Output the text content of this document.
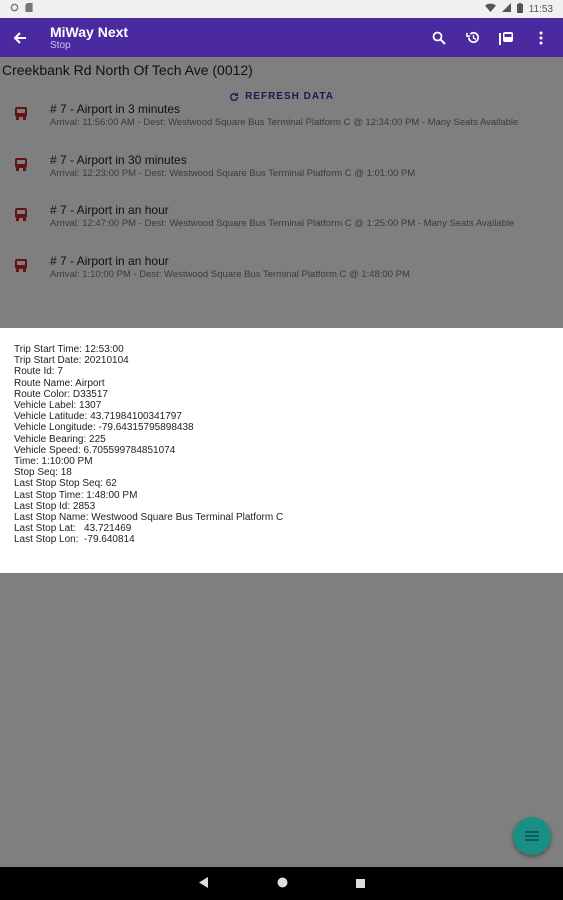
11:53
MiWay Next
Stop
Trip Start Time: 12:53:00
Trip Start Date: 20210104
Route Id: 7
Route Name: Airport
Route Color: D33517
Vehicle Label: 1307
Vehicle Latitude: 43.71984100341797
Vehicle Longitude: -79.64315795898438
Vehicle Bearing: 225
Vehicle Speed: 6.705599784851074
Time: 1:10:00 PM
Stop Seq: 18
Last Stop Stop Seq: 62
Last Stop Time: 1:48:00 PM
Last Stop Id: 2853
Last Stop Name: Westwood Square Bus Terminal Platform C
Last Stop Lat:   43.721469
Last Stop Lon:  -79.640814
